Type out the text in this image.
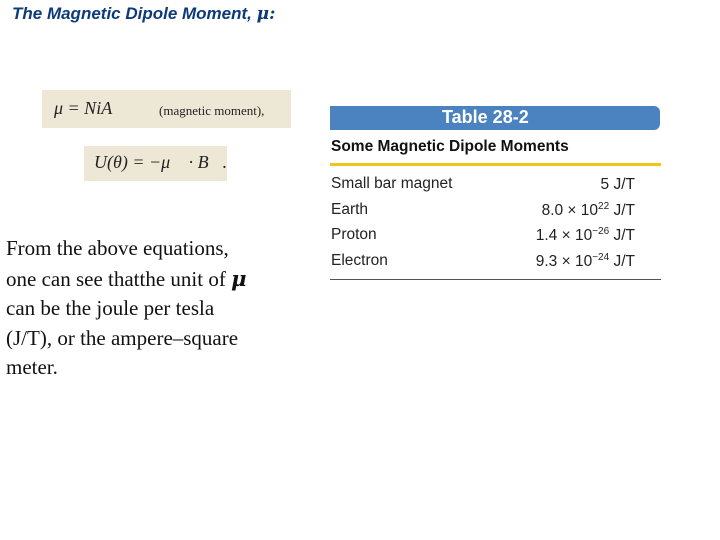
The Magnetic Dipole Moment, μ:
μ = NiA	(magnetic moment),
U(θ) = −μ⃗ · B⃗.
From the above equations,
one can see thatthe unit of μ
can be the joule per tesla
(J/T), or the ampere–square
meter.
Table 28-2
Some Magnetic Dipole Moments
Small bar magnet	5 J/T
Earth	$8.0 \times 10^{22}$ J/T
Proton	$1.4 \times 10^{-26}$ J/T
Electron	$9.3 \times 10^{-24}$ J/T
